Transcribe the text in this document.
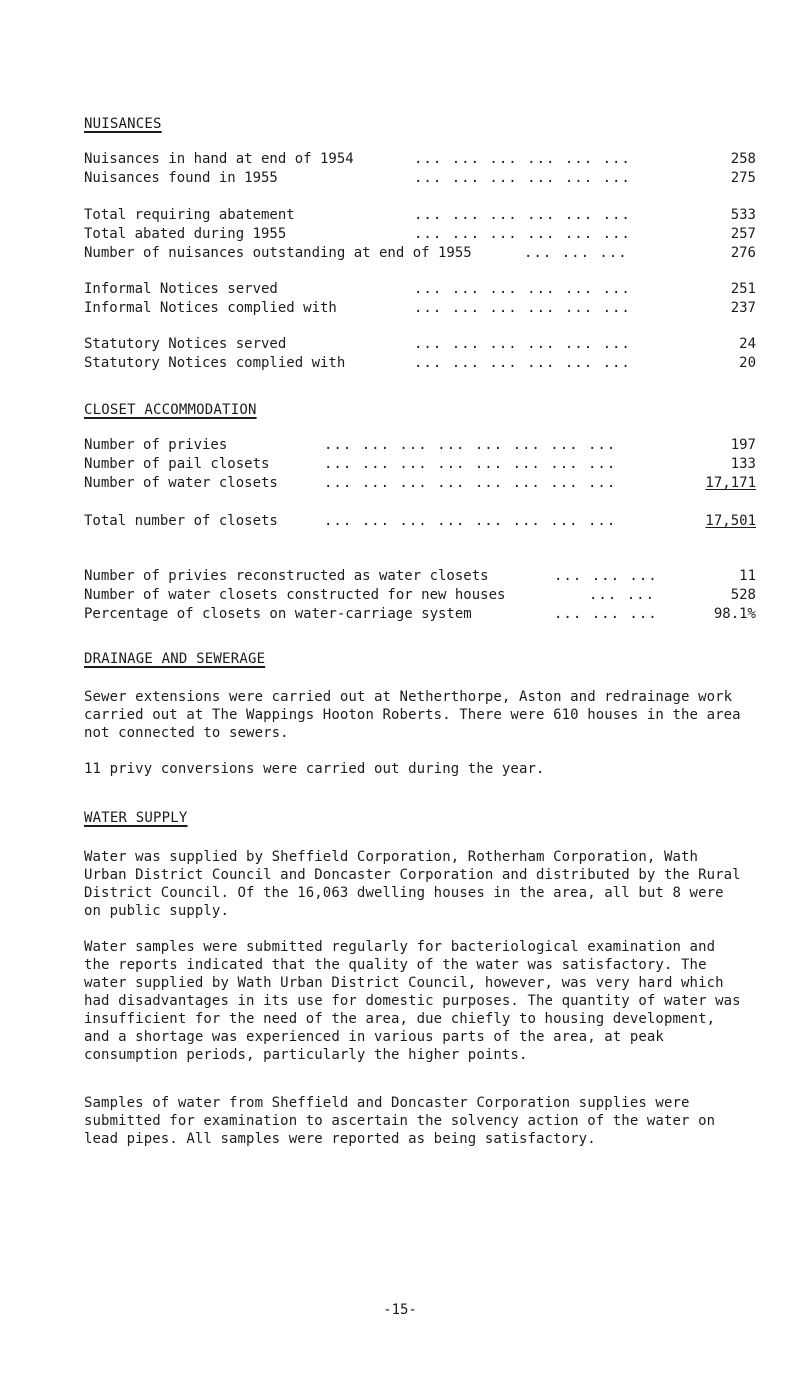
NUISANCES
Nuisances in hand at end of 1954	... ... ... ... ... ...	258
Nuisances found in 1955	... ... ... ... ... ...	275
Total requiring abatement	... ... ... ... ... ...	533
Total abated during 1955	... ... ... ... ... ...	257
Number of nuisances outstanding at end of 1955	... ... ...	276
Informal Notices served	... ... ... ... ... ...	251
Informal Notices complied with	... ... ... ... ... ...	237
Statutory Notices served	... ... ... ... ... ...	24
Statutory Notices complied with	... ... ... ... ... ...	20
CLOSET ACCOMMODATION
Number of privies	... ... ... ... ... ... ... ...	197
Number of pail closets	... ... ... ... ... ... ... ...	133
Number of water closets	... ... ... ... ... ... ... ...	17,171
Total number of closets	... ... ... ... ... ... ... ...	17,501
Number of privies reconstructed as water closets	... ... ...	11
Number of water closets constructed for new houses	... ...	528
Percentage of closets on water-carriage system	... ... ...	98.1%
DRAINAGE AND SEWERAGE

Sewer extensions were carried out at Netherthorpe, Aston and redrainage work carried out at The Wappings Hooton Roberts. There were 610 houses in the area not connected to sewers.

11 privy conversions were carried out during the year.

WATER SUPPLY

Water was supplied by Sheffield Corporation, Rotherham Corporation, Wath Urban District Council and Doncaster Corporation and distributed by the Rural District Council. Of the 16,063 dwelling houses in the area, all but 8 were on public supply.

Water samples were submitted regularly for bacteriological examination and the reports indicated that the quality of the water was satisfactory. The water supplied by Wath Urban District Council, however, was very hard which had disadvantages in its use for domestic purposes. The quantity of water was insufficient for the need of the area, due chiefly to housing development, and a shortage was experienced in various parts of the area, at peak consumption periods, particularly the higher points.

Samples of water from Sheffield and Doncaster Corporation supplies were submitted for examination to ascertain the solvency action of the water on lead pipes. All samples were reported as being satisfactory.

-15-
